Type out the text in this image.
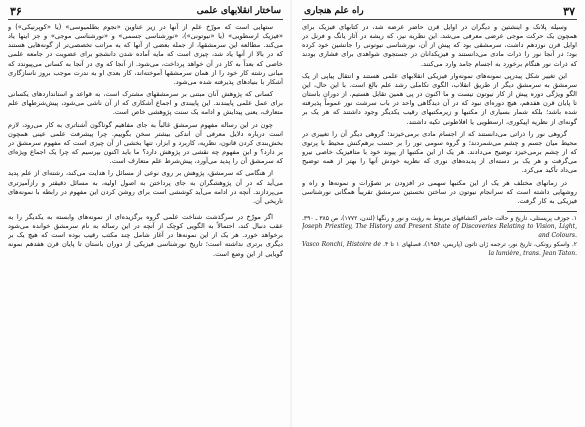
۳۶	ساختار انقلابهای علمی

ستهایی است که مورّخ علم از آنها در زیر عناوین «نجوم بطلمیوسی» (یا «کوپرنیکی») و «فیزیک ارسطویی» (یا «نیوتونی»)، «نورشناسی جسمی» و «نورشناسی موجی» و جز اینها یاد می‌کند. مطالعه این سرمشقها، از جمله بعضی از آنها که به مراتب تخصصی‌تر از گونه‌هایی هستند که در بالا از آنها یاد شد، چیزی است که مایه آماده شدن دانشجو برای عضویت در جامعه علمی خاصی که بعداً به کار در آن خواهد پرداخت، می‌شود. از آنجا که وی در آنجا به کسانی می‌پیوندد که مبانی رشته کار خود را از همان سرمشقها آموخته‌اند، کار بعدی او به ندرت موجب بروز ناسازگاری آشکار با بنیادهای پذیرفته شده می‌شود.

کسانی که پژوهش آنان مبتنی بر سرمشقهای مشترک است، به قواعد و استانداردهای یکسانی برای عمل علمی پایبندند. این پایبندی و اجماع آشکاری که از آن ناشی می‌شود، پیش‌شرطهای علم متعارف، یعنی پیدایش و ادامه یک سنت پژوهشی خاص است.

چون در این رساله مفهوم سرمشق غالباً به جای مفاهیم گوناگون آشناتری به کار می‌رود، لازم است درباره دلایل معرفی آن اندکی بیشتر سخن بگوییم. چرا پیشرفت علمی عینی همچون بخش‌بندی کردن قانون، نظریه، کاربرد و ابزار، تنها بخشی از آن چیزی است که مفهوم سرمشق در بر دارد؟ و این مفهوم چه نقشی در پژوهش دارد؟ ما باید اکنون بپرسیم که چرا یک اجماع ویژه‌ای که سرمشق آن را پدید می‌آورد، پیش‌شرط علم متعارف است.

از هنگامی که سرمشق، پژوهش بر روی نوعی از مسائل را هدایت می‌کند، رشته‌ای از علم پدید می‌آید که در آن پژوهشگران به جای پرداختن به اصول اولیه، به مسائل دقیقتر و رازآمیزتری می‌پردازند. آنچه در ادامه می‌آید کوششی است برای روشن کردن این مفهوم در رابطه با نمونه‌های تاریخی آن.

اگر مورّخ در سرگذشت شناخت علمی گروه برگزیده‌ای از نمونه‌های وابسته به یکدیگر را به عقب دنبال کند، احتمالاً به الگویی کوچک از آنچه در این رساله به نام سرمشق خوانده می‌شود برخواهد خورد. هر یک از این نمونه‌ها در آغاز شامل چند مکتب رقیب بوده است که هیچ یک بر دیگری برتری نداشته است؛ تاریخ نورشناسی فیزیکی از دوران باستان تا پایان قرن هفدهم نمونه گویایی از این وضع است.

راه علم هنجاری	۳۷

وسیله پلانک و اینشتین و دیگران در اوایل قرن حاضر عرضه شد، در کتابهای فیزیک برای همچون یک حرکت موجی عرضی معرفی می‌شد. این نظریه نیز، که ریشه در آثار یانگ و فرنل در اوایل قرن نوزدهم داشت، سرمشقی بود که پیش از آن، نورشناسی نیوتونی را جانشین خود کرده بود؛ در آنجا نور را ذرات مادی می‌دانستند و فیزیکدانان در جستجوی شواهدی برای فشاری بودند که ذرات نور هنگام برخورد به اجسام جامد وارد می‌کنند.

این تغییر شکل پیدرپی نمونه‌های نمونه‌وار فیزیکی انقلابهای علمی هستند و انتقال پیاپی از یک سرمشق به سرمشق دیگر از طریق انقلاب، الگوی تکاملی رشد علم بالغ است. با این حال، این الگو ویژگی دوره پیش از کار نیوتون نیست و ما اکنون در پی همین تقابل هستیم. از دوران باستان تا پایان قرن هفدهم، هیچ دوره‌ای نبود که در آن دیدگاهی واحد در باب سرشت نور عموماً پذیرفته شده باشد؛ بلکه شمار بسیاری از مکتبها و زیرمکتبهای رقیب یکدیگر وجود داشتند که هر یک بر گونه‌ای از نظریه اپیکوری، ارسطویی یا افلاطونی تکیه داشتند.

گروهی نور را ذراتی می‌دانستند که از اجسام مادی برمی‌خیزند؛ گروهی دیگر آن را تغییری در محیط میان جسم و چشم می‌شمردند؛ و گروه سومی نور را بر حسب برهم‌کنش محیط با پرتوی که از چشم برمی‌خیزد توضیح می‌دادند. هر یک از این مکتبها از پیوند خود با متافیزیک خاصی نیرو می‌گرفت و هر یک بر دسته‌ای از پدیده‌های نوری که نظریه خودش آنها را بهتر از همه توضیح می‌داد تأکید می‌کرد.

در زمانهای مختلف هر یک از این مکتبها سهمی در افزودن بر تصوّرات و نمونه‌ها و راه و روشهایی داشته است که سرانجام نیوتون در ساختن نخستین سرمشق تقریباً همگانی نورشناسی فیزیکی به کار گرفت.

۱. جوزف پریستلی، تاریخ و حالت حاضر اکتشافهای مربوط به رؤیت و نور و رنگها (لندن، ۱۷۷۲)، ص ۳۸۵ ـ ۳۹۰. Joseph Priestley, The History and Present State of Discoveries Relating to Vision, Light, and Colours.

۲. واسکو رونکی، تاریخ نور، ترجمه ژان تاتون (پاریس، ۱۹۵۶)، فصلهای ۱ تا ۴. Vasco Ronchi, Histoire de la lumière, trans. Jean Taton.
